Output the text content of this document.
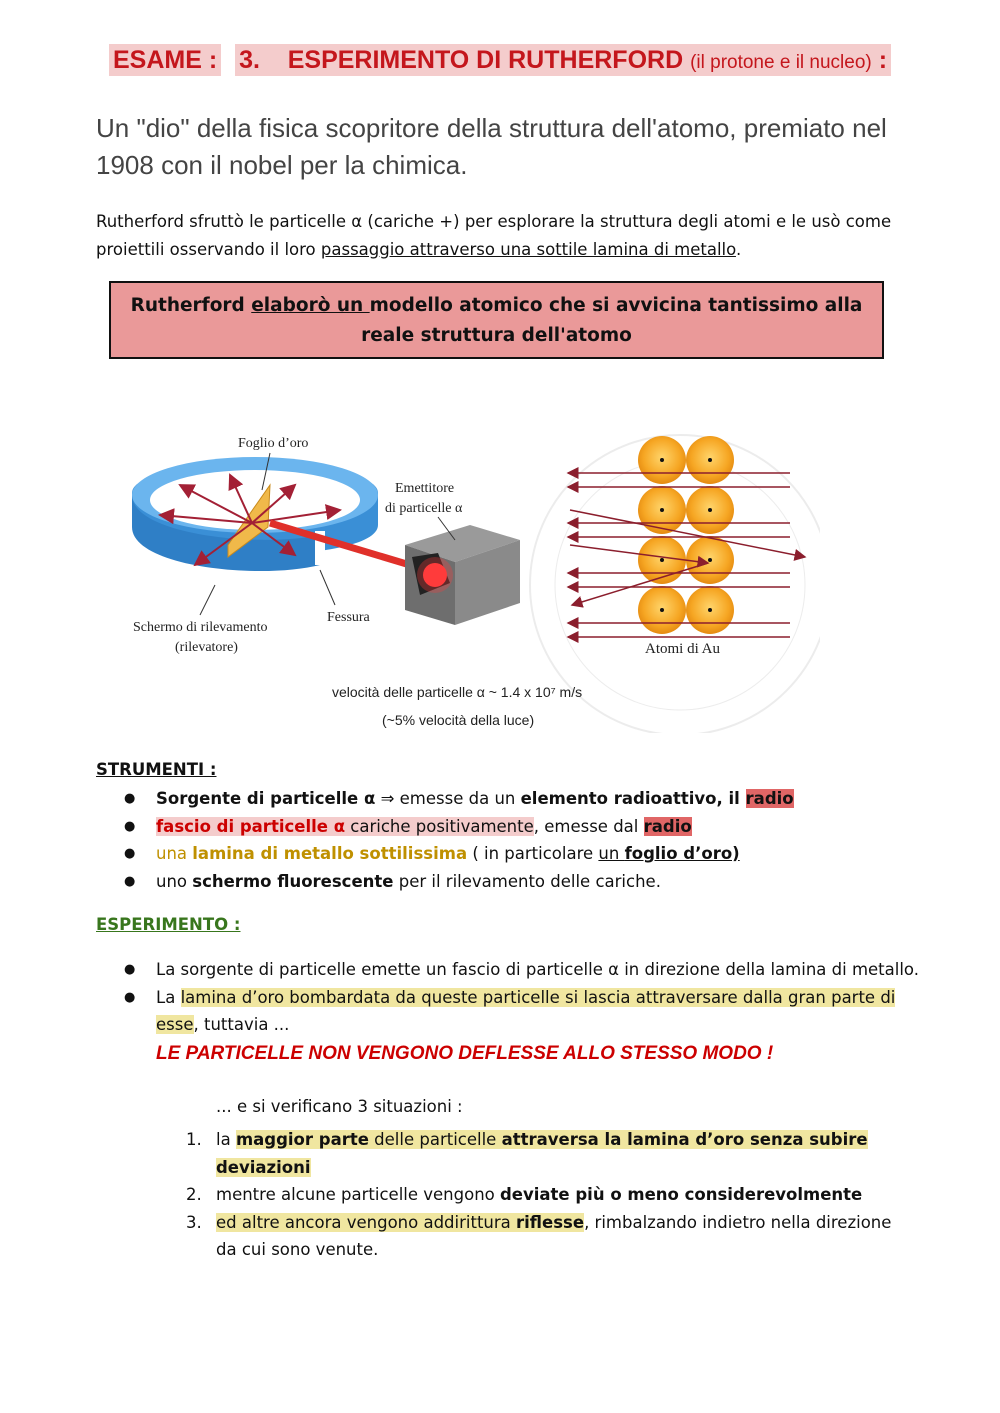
ESAME : 3. ESPERIMENTO DI RUTHERFORD (il protone e il nucleo) :
Un "dio" della fisica scopritore della struttura dell'atomo, premiato nel 1908 con il nobel per la chimica.
Rutherford sfruttò le particelle α (cariche +) per esplorare la struttura degli atomi e le usò come proiettili osservando il loro passaggio attraverso una sottile lamina di metallo.
Rutherford elaborò un modello atomico che si avvicina tantissimo alla reale struttura dell'atomo
Foglio d’oro
Emettitore
di particelle α
Schermo di rilevamento
(rilevatore)
Fessura
Atomi di Au
velocità delle particelle α ~ 1.4 x 10⁷ m/s
(~5% velocità della luce)
STRUMENTI :
● Sorgente di particelle α ⇒ emesse da un elemento radioattivo, il radio
● fascio di particelle α cariche positivamente, emesse dal radio
● una lamina di metallo sottilissima ( in particolare un foglio d’oro)
● uno schermo fluorescente per il rilevamento delle cariche.
ESPERIMENTO :
● La sorgente di particelle emette un fascio di particelle α in direzione della lamina di metallo.
● La lamina d’oro bombardata da queste particelle si lascia attraversare dalla gran parte di esse, tuttavia ...
LE PARTICELLE NON VENGONO DEFLESSE ALLO STESSO MODO !
... e si verificano 3 situazioni :
1. la maggior parte delle particelle attraversa la lamina d’oro senza subire deviazioni
2. mentre alcune particelle vengono deviate più o meno considerevolmente
3. ed altre ancora vengono addirittura riflesse, rimbalzando indietro nella direzione da cui sono venute.
